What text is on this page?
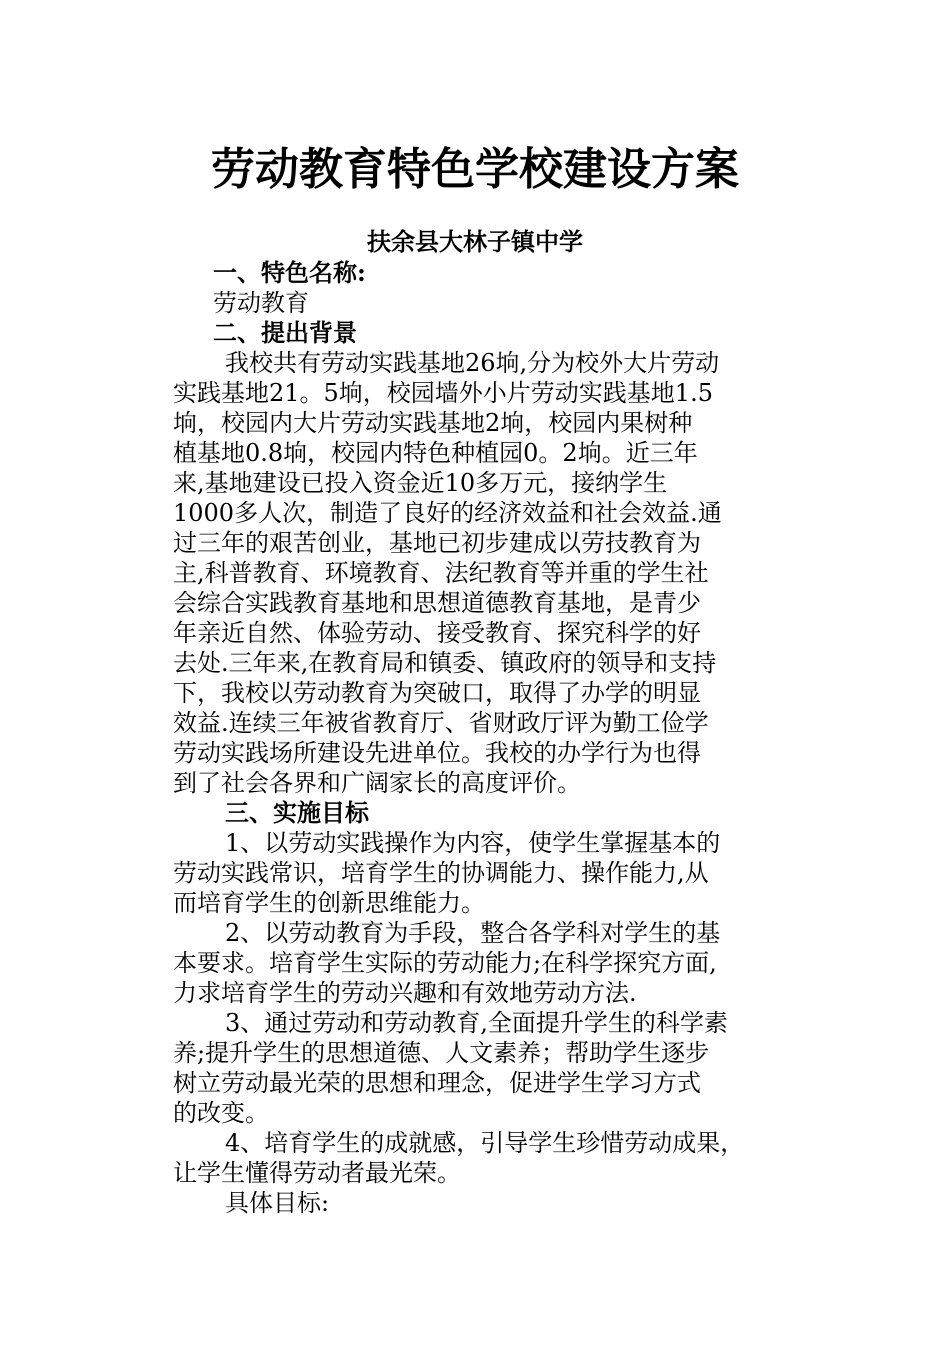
劳动教育特色学校建设方案
扶余县大林子镇中学
一、特色名称:
劳动教育
二、提出背景
我校共有劳动实践基地26垧,分为校外大片劳动
实践基地21。5垧，校园墙外小片劳动实践基地1.5
垧，校园内大片劳动实践基地2垧，校园内果树种
植基地0.8垧，校园内特色种植园0。2垧。近三年
来,基地建设已投入资金近10多万元，接纳学生
1000多人次，制造了良好的经济效益和社会效益.通
过三年的艰苦创业，基地已初步建成以劳技教育为
主,科普教育、环境教育、法纪教育等并重的学生社
会综合实践教育基地和思想道德教育基地，是青少
年亲近自然、体验劳动、接受教育、探究科学的好
去处.三年来,在教育局和镇委、镇政府的领导和支持
下，我校以劳动教育为突破口，取得了办学的明显
效益.连续三年被省教育厅、省财政厅评为勤工俭学
劳动实践场所建设先进单位。我校的办学行为也得
到了社会各界和广阔家长的高度评价。
三、实施目标
1、以劳动实践操作为内容，使学生掌握基本的
劳动实践常识，培育学生的协调能力、操作能力,从
而培育学生的创新思维能力。
2、以劳动教育为手段，整合各学科对学生的基
本要求。培育学生实际的劳动能力;在科学探究方面,
力求培育学生的劳动兴趣和有效地劳动方法.
3、通过劳动和劳动教育,全面提升学生的科学素
养;提升学生的思想道德、人文素养；帮助学生逐步
树立劳动最光荣的思想和理念，促进学生学习方式
的改变。
4、培育学生的成就感，引导学生珍惜劳动成果，
让学生懂得劳动者最光荣。
具体目标:
